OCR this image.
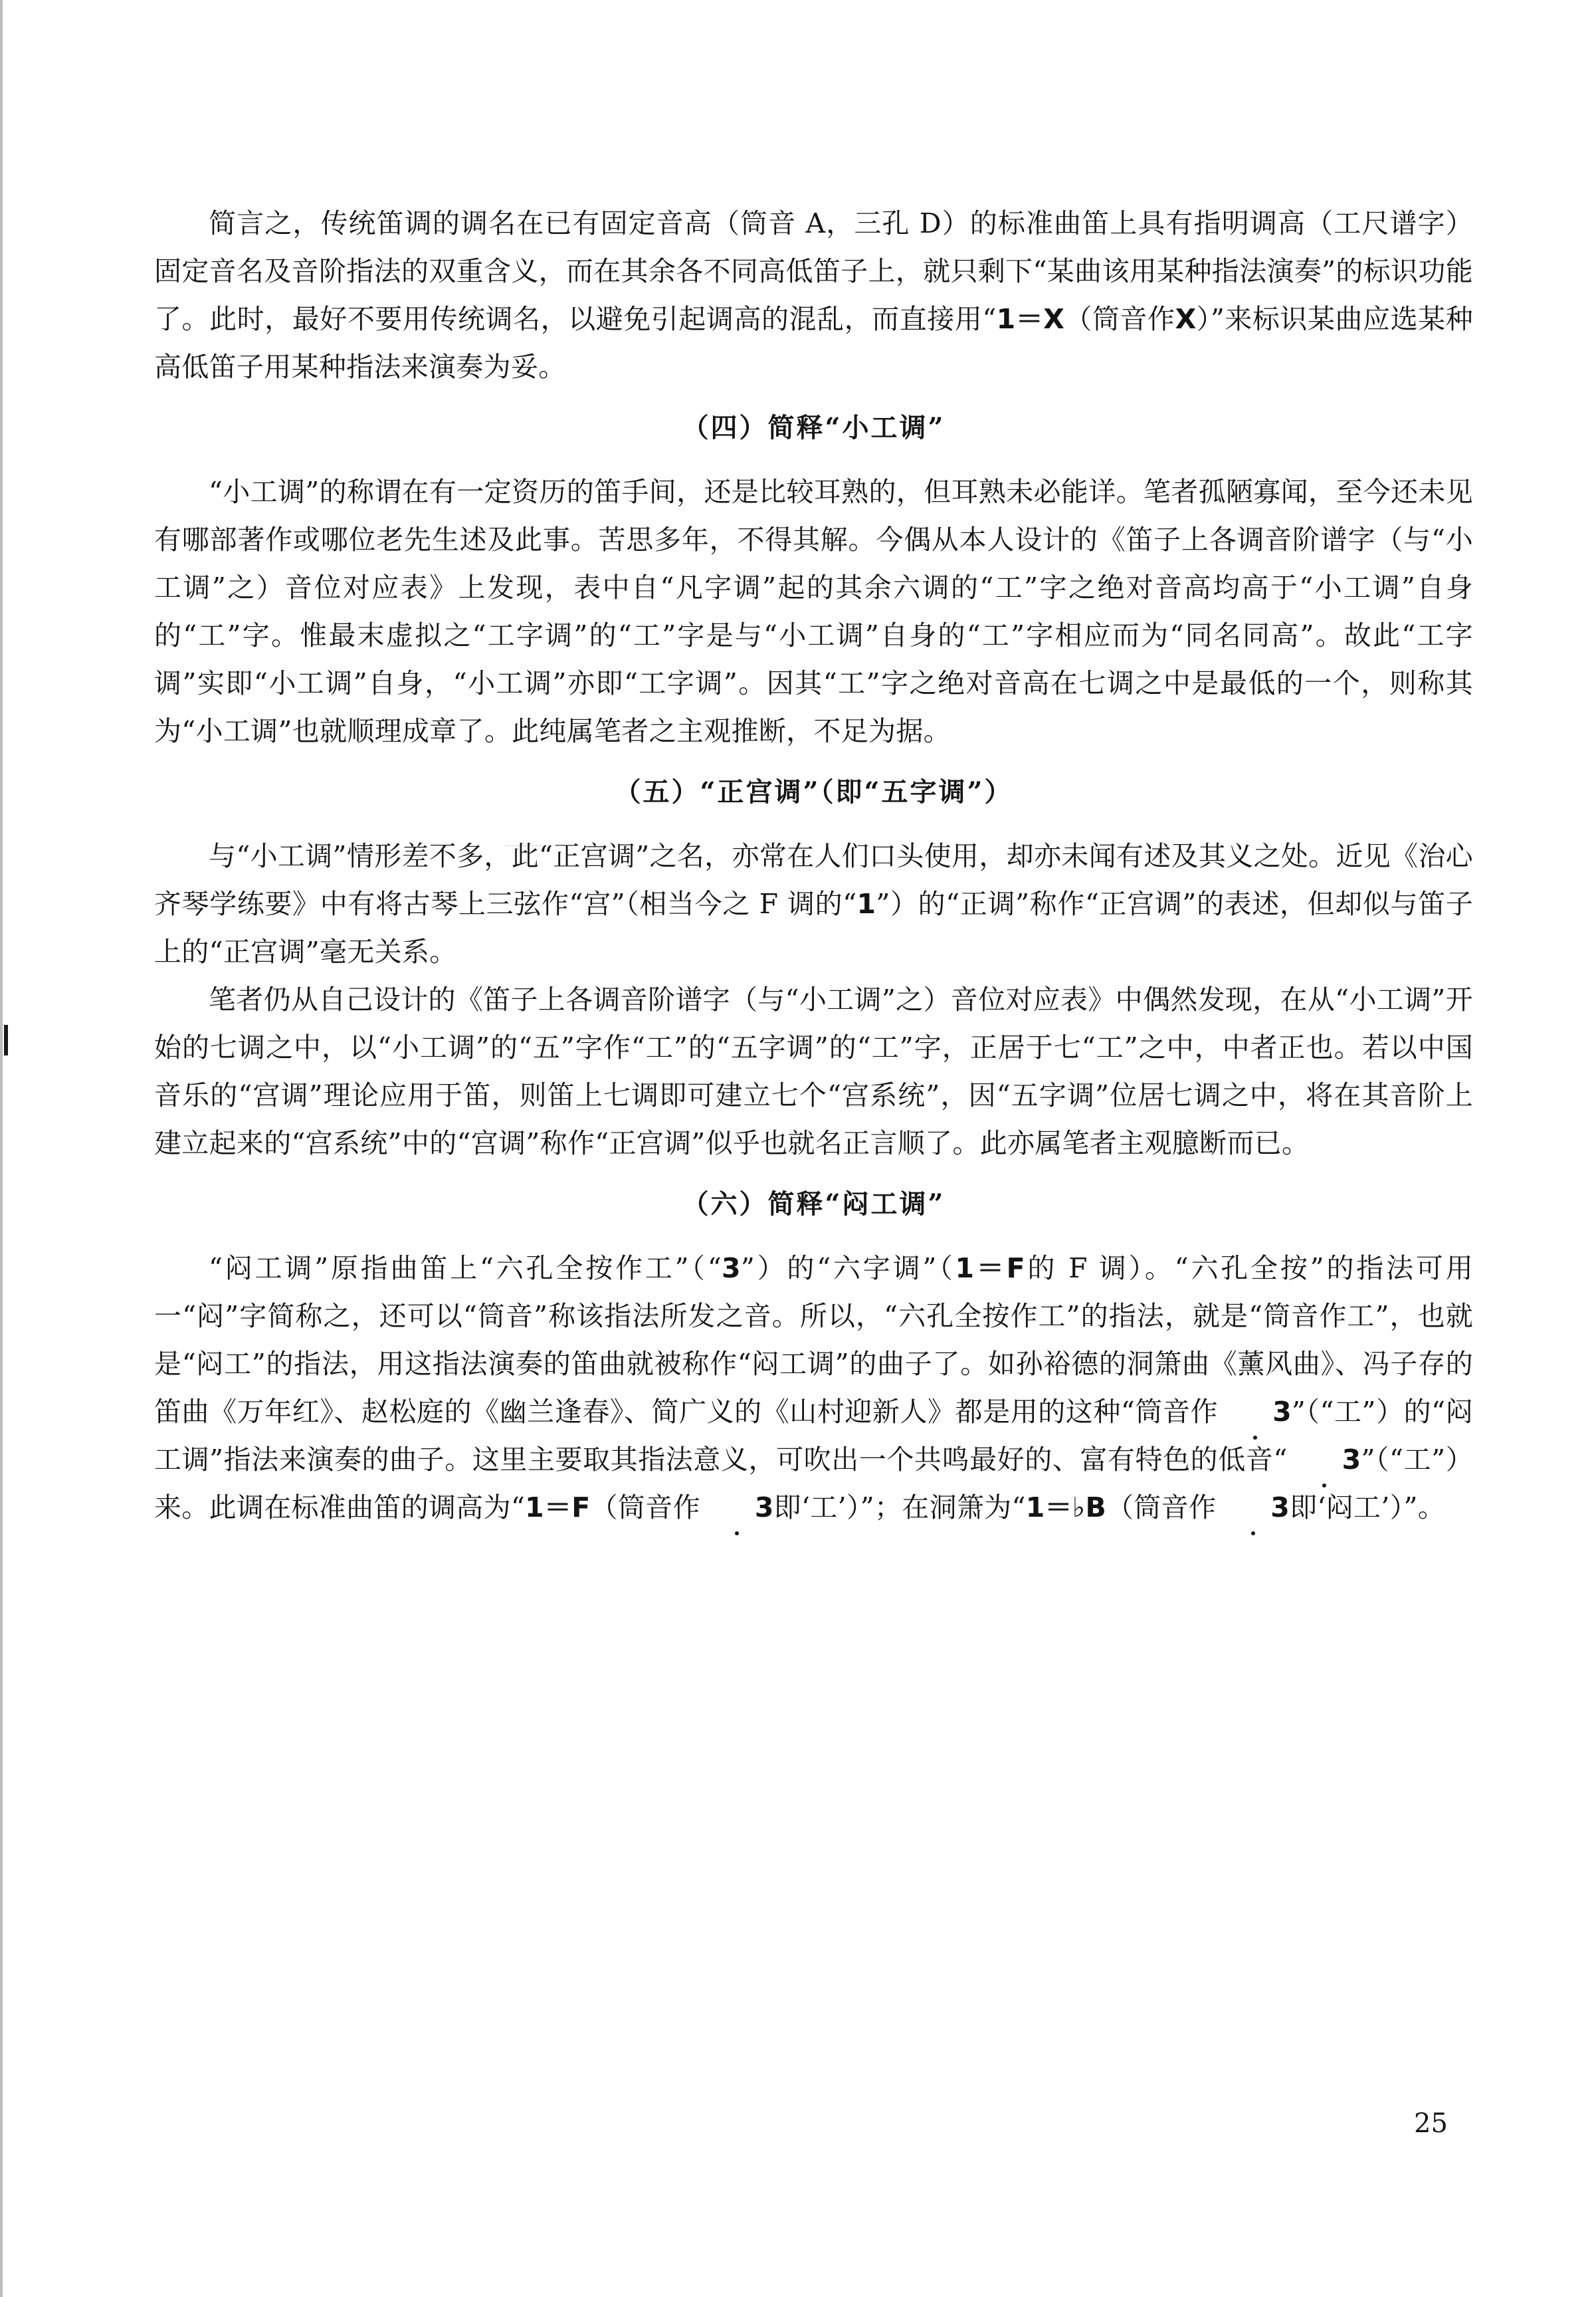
简言之，传统笛调的调名在已有固定音高（筒音 A，三孔 D）的标准曲笛上具有指明调高（工尺谱字）固定音名及音阶指法的双重含义，而在其余各不同高低笛子上，就只剩下“某曲该用某种指法演奏”的标识功能了。此时，最好不要用传统调名，以避免引起调高的混乱，而直接用“1＝X（筒音作X）”来标识某曲应选某种高低笛子用某种指法来演奏为妥。

（四）简释“小工调”

“小工调”的称谓在有一定资历的笛手间，还是比较耳熟的，但耳熟未必能详。笔者孤陋寡闻，至今还未见有哪部著作或哪位老先生述及此事。苦思多年，不得其解。今偶从本人设计的《笛子上各调音阶谱字（与“小工调”之）音位对应表》上发现，表中自“凡字调”起的其余六调的“工”字之绝对音高均高于“小工调”自身的“工”字。惟最末虚拟之“工字调”的“工”字是与“小工调”自身的“工”字相应而为“同名同高”。故此“工字调”实即“小工调”自身，“小工调”亦即“工字调”。因其“工”字之绝对音高在七调之中是最低的一个，则称其为“小工调”也就顺理成章了。此纯属笔者之主观推断，不足为据。

（五）“正宫调”（即“五字调”）

与“小工调”情形差不多，此“正宫调”之名，亦常在人们口头使用，却亦未闻有述及其义之处。近见《治心齐琴学练要》中有将古琴上三弦作“宫”（相当今之 F 调的“1”）的“正调”称作“正宫调”的表述，但却似与笛子上的“正宫调”毫无关系。

笔者仍从自己设计的《笛子上各调音阶谱字（与“小工调”之）音位对应表》中偶然发现，在从“小工调”开始的七调之中，以“小工调”的“五”字作“工”的“五字调”的“工”字，正居于七“工”之中，中者正也。若以中国音乐的“宫调”理论应用于笛，则笛上七调即可建立七个“宫系统”，因“五字调”位居七调之中，将在其音阶上建立起来的“宫系统”中的“宫调”称作“正宫调”似乎也就名正言顺了。此亦属笔者主观臆断而已。

（六）简释“闷工调”

“闷工调”原指曲笛上“六孔全按作工”（“3”）的“六字调”（1＝F的 F 调）。“六孔全按”的指法可用一“闷”字简称之，还可以“筒音”称该指法所发之音。所以，“六孔全按作工”的指法，就是“筒音作工”，也就是“闷工”的指法，用这指法演奏的笛曲就被称作“闷工调”的曲子了。如孙裕德的洞箫曲《薰风曲》、冯子存的笛曲《万年红》、赵松庭的《幽兰逢春》、简广义的《山村迎新人》都是用的这种“筒音作 3”（“工”）的“闷工调”指法来演奏的曲子。这里主要取其指法意义，可吹出一个共鸣最好的、富有特色的低音“ 3”（“工”）来。此调在标准曲笛的调高为“1＝F（筒音作 3即‘工’）”；在洞箫为“1＝♭B（筒音作 3即‘闷工’）”。

25
